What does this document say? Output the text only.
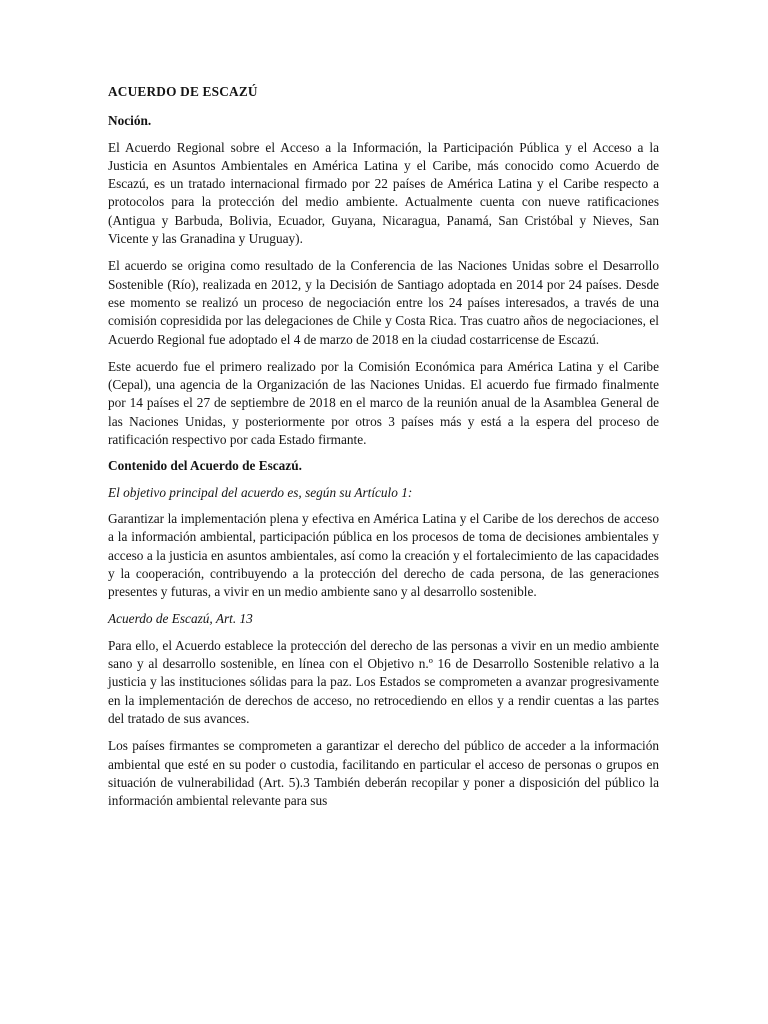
ACUERDO DE ESCAZÚ

Noción.

El Acuerdo Regional sobre el Acceso a la Información, la Participación Pública y el Acceso a la Justicia en Asuntos Ambientales en América Latina y el Caribe, más conocido como Acuerdo de Escazú, es un tratado internacional firmado por 22 países de América Latina y el Caribe respecto a protocolos para la protección del medio ambiente. Actualmente cuenta con nueve ratificaciones (Antigua y Barbuda, Bolivia, Ecuador, Guyana, Nicaragua, Panamá, San Cristóbal y Nieves, San Vicente y las Granadina y Uruguay).

El acuerdo se origina como resultado de la Conferencia de las Naciones Unidas sobre el Desarrollo Sostenible (Río), realizada en 2012, y la Decisión de Santiago adoptada en 2014 por 24 países. Desde ese momento se realizó un proceso de negociación entre los 24 países interesados, a través de una comisión copresidida por las delegaciones de Chile y Costa Rica. Tras cuatro años de negociaciones, el Acuerdo Regional fue adoptado el 4 de marzo de 2018 en la ciudad costarricense de Escazú.

Este acuerdo fue el primero realizado por la Comisión Económica para América Latina y el Caribe (Cepal), una agencia de la Organización de las Naciones Unidas. El acuerdo fue firmado finalmente por 14 países el 27 de septiembre de 2018 en el marco de la reunión anual de la Asamblea General de las Naciones Unidas, y posteriormente por otros 3 países más y está a la espera del proceso de ratificación respectivo por cada Estado firmante.

Contenido del Acuerdo de Escazú.

El objetivo principal del acuerdo es, según su Artículo 1:

Garantizar la implementación plena y efectiva en América Latina y el Caribe de los derechos de acceso a la información ambiental, participación pública en los procesos de toma de decisiones ambientales y acceso a la justicia en asuntos ambientales, así como la creación y el fortalecimiento de las capacidades y la cooperación, contribuyendo a la protección del derecho de cada persona, de las generaciones presentes y futuras, a vivir en un medio ambiente sano y al desarrollo sostenible.

Acuerdo de Escazú, Art. 13

Para ello, el Acuerdo establece la protección del derecho de las personas a vivir en un medio ambiente sano y al desarrollo sostenible, en línea con el Objetivo n.º 16 de Desarrollo Sostenible relativo a la justicia y las instituciones sólidas para la paz. Los Estados se comprometen a avanzar progresivamente en la implementación de derechos de acceso, no retrocediendo en ellos y a rendir cuentas a las partes del tratado de sus avances.

Los países firmantes se comprometen a garantizar el derecho del público de acceder a la información ambiental que esté en su poder o custodia, facilitando en particular el acceso de personas o grupos en situación de vulnerabilidad (Art. 5).3 También deberán recopilar y poner a disposición del público la información ambiental relevante para sus
